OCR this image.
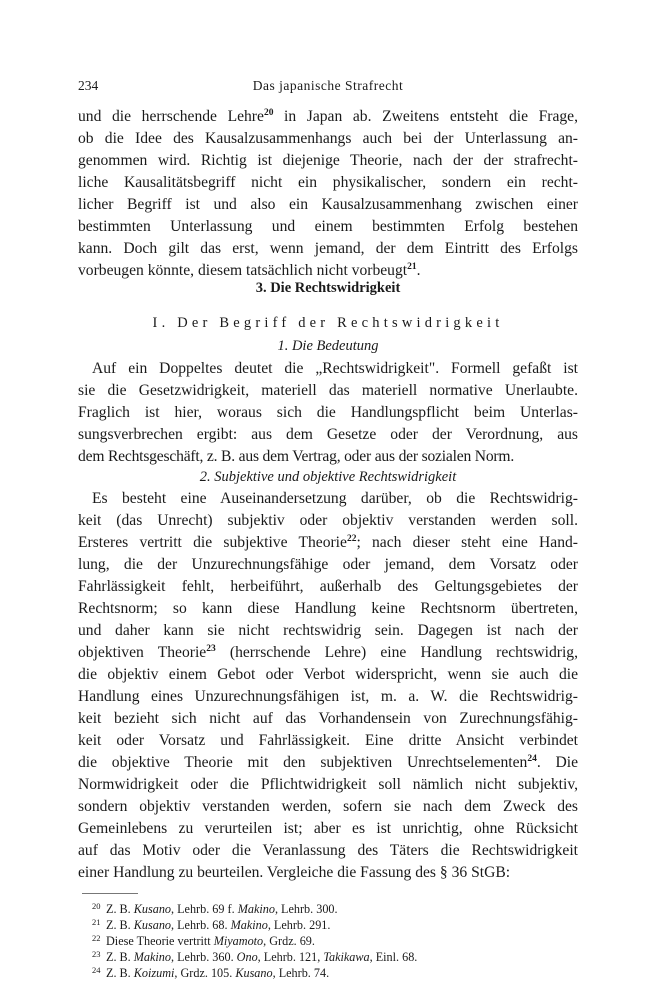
234	Das japanische Strafrecht
und die herrschende Lehre$^{20}$ in Japan ab. Zweitens entsteht die Frage,
ob die Idee des Kausalzusammenhangs auch bei der Unterlassung an-
genommen wird. Richtig ist diejenige Theorie, nach der der strafrecht-
liche Kausalitätsbegriff nicht ein physikalischer, sondern ein recht-
licher Begriff ist und also ein Kausalzusammenhang zwischen einer
bestimmten Unterlassung und einem bestimmten Erfolg bestehen
kann. Doch gilt das erst, wenn jemand, der dem Eintritt des Erfolgs
vorbeugen könnte, diesem tatsächlich nicht vorbeugt$^{21}$.
3. Die Rechtswidrigkeit
I. Der Begriff der Rechtswidrigkeit
1. Die Bedeutung
Auf ein Doppeltes deutet die „Rechtswidrigkeit". Formell gefaßt ist
sie die Gesetzwidrigkeit, materiell das materiell normative Unerlaubte.
Fraglich ist hier, woraus sich die Handlungspflicht beim Unterlas-
sungsverbrechen ergibt: aus dem Gesetze oder der Verordnung, aus
dem Rechtsgeschäft, z. B. aus dem Vertrag, oder aus der sozialen Norm.
2. Subjektive und objektive Rechtswidrigkeit
Es besteht eine Auseinandersetzung darüber, ob die Rechtswidrig-
keit (das Unrecht) subjektiv oder objektiv verstanden werden soll.
Ersteres vertritt die subjektive Theorie$^{22}$; nach dieser steht eine Hand-
lung, die der Unzurechnungsfähige oder jemand, dem Vorsatz oder
Fahrlässigkeit fehlt, herbeiführt, außerhalb des Geltungsgebietes der
Rechtsnorm; so kann diese Handlung keine Rechtsnorm übertreten,
und daher kann sie nicht rechtswidrig sein. Dagegen ist nach der
objektiven Theorie$^{23}$ (herrschende Lehre) eine Handlung rechtswidrig,
die objektiv einem Gebot oder Verbot widerspricht, wenn sie auch die
Handlung eines Unzurechnungsfähigen ist, m. a. W. die Rechtswidrig-
keit bezieht sich nicht auf das Vorhandensein von Zurechnungsfähig-
keit oder Vorsatz und Fahrlässigkeit. Eine dritte Ansicht verbindet
die objektive Theorie mit den subjektiven Unrechtselementen$^{24}$. Die
Normwidrigkeit oder die Pflichtwidrigkeit soll nämlich nicht subjektiv,
sondern objektiv verstanden werden, sofern sie nach dem Zweck des
Gemeinlebens zu verurteilen ist; aber es ist unrichtig, ohne Rücksicht
auf das Motiv oder die Veranlassung des Täters die Rechtswidrigkeit
einer Handlung zu beurteilen. Vergleiche die Fassung des § 36 StGB:
20 Z. B. Kusano, Lehrb. 69 f. Makino, Lehrb. 300.
21 Z. B. Kusano, Lehrb. 68. Makino, Lehrb. 291.
22 Diese Theorie vertritt Miyamoto, Grdz. 69.
23 Z. B. Makino, Lehrb. 360. Ono, Lehrb. 121, Takikawa, Einl. 68.
24 Z. B. Koizumi, Grdz. 105. Kusano, Lehrb. 74.
